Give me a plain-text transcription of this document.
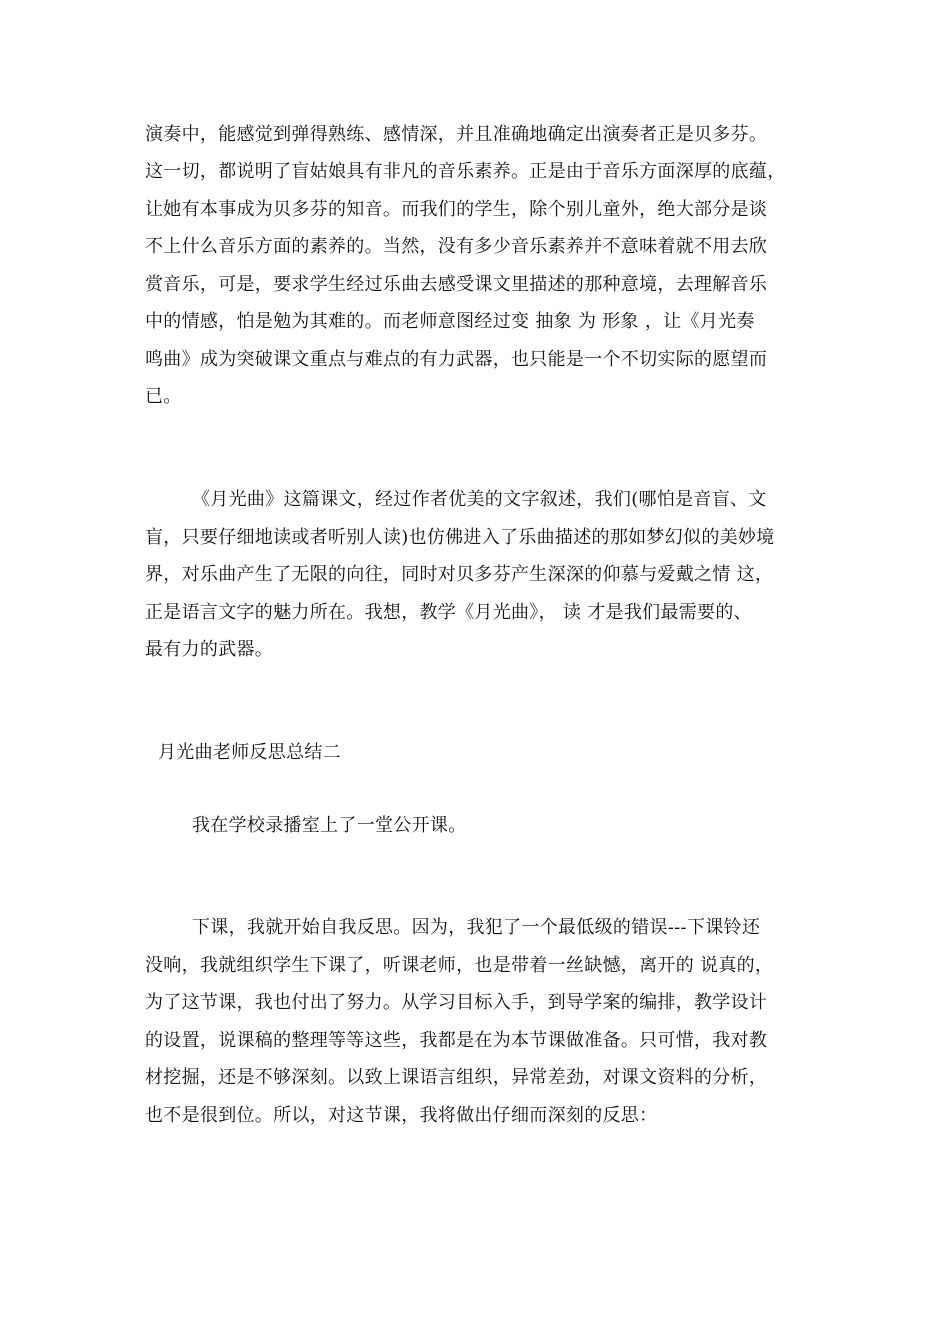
演奏中，能感觉到弹得熟练、感情深，并且准确地确定出演奏者正是贝多芬。
这一切，都说明了盲姑娘具有非凡的音乐素养。正是由于音乐方面深厚的底蕴，
让她有本事成为贝多芬的知音。而我们的学生，除个别儿童外，绝大部分是谈
不上什么音乐方面的素养的。当然，没有多少音乐素养并不意味着就不用去欣
赏音乐，可是，要求学生经过乐曲去感受课文里描述的那种意境，去理解音乐
中的情感，怕是勉为其难的。而老师意图经过变 抽象 为 形象 ，让《月光奏
鸣曲》成为突破课文重点与难点的有力武器，也只能是一个不切实际的愿望而
已。
《月光曲》这篇课文，经过作者优美的文字叙述，我们(哪怕是音盲、文
盲，只要仔细地读或者听别人读)也仿佛进入了乐曲描述的那如梦幻似的美妙境
界，对乐曲产生了无限的向往，同时对贝多芬产生深深的仰慕与爱戴之情 这，
正是语言文字的魅力所在。我想，教学《月光曲》， 读 才是我们最需要的、
最有力的武器。
月光曲老师反思总结二
我在学校录播室上了一堂公开课。
下课，我就开始自我反思。因为，我犯了一个最低级的错误---下课铃还
没响，我就组织学生下课了，听课老师，也是带着一丝缺憾，离开的 说真的，
为了这节课，我也付出了努力。从学习目标入手，到导学案的编排，教学设计
的设置，说课稿的整理等等这些，我都是在为本节课做准备。只可惜，我对教
材挖掘，还是不够深刻。以致上课语言组织，异常差劲，对课文资料的分析，
也不是很到位。所以，对这节课，我将做出仔细而深刻的反思：
